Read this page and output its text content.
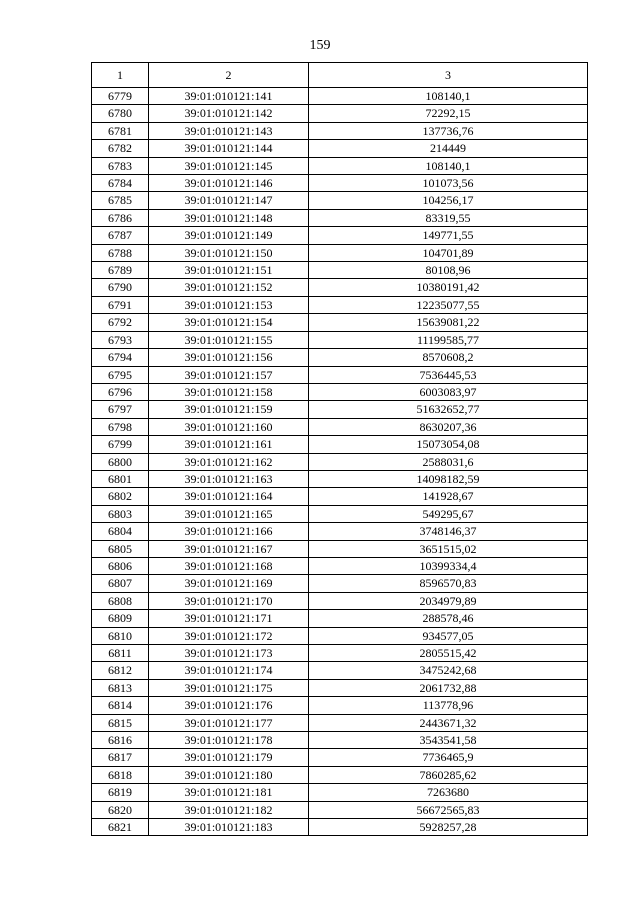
159
1	2	3
6779	39:01:010121:141	108140,1
6780	39:01:010121:142	72292,15
6781	39:01:010121:143	137736,76
6782	39:01:010121:144	214449
6783	39:01:010121:145	108140,1
6784	39:01:010121:146	101073,56
6785	39:01:010121:147	104256,17
6786	39:01:010121:148	83319,55
6787	39:01:010121:149	149771,55
6788	39:01:010121:150	104701,89
6789	39:01:010121:151	80108,96
6790	39:01:010121:152	10380191,42
6791	39:01:010121:153	12235077,55
6792	39:01:010121:154	15639081,22
6793	39:01:010121:155	11199585,77
6794	39:01:010121:156	8570608,2
6795	39:01:010121:157	7536445,53
6796	39:01:010121:158	6003083,97
6797	39:01:010121:159	51632652,77
6798	39:01:010121:160	8630207,36
6799	39:01:010121:161	15073054,08
6800	39:01:010121:162	2588031,6
6801	39:01:010121:163	14098182,59
6802	39:01:010121:164	141928,67
6803	39:01:010121:165	549295,67
6804	39:01:010121:166	3748146,37
6805	39:01:010121:167	3651515,02
6806	39:01:010121:168	10399334,4
6807	39:01:010121:169	8596570,83
6808	39:01:010121:170	2034979,89
6809	39:01:010121:171	288578,46
6810	39:01:010121:172	934577,05
6811	39:01:010121:173	2805515,42
6812	39:01:010121:174	3475242,68
6813	39:01:010121:175	2061732,88
6814	39:01:010121:176	113778,96
6815	39:01:010121:177	2443671,32
6816	39:01:010121:178	3543541,58
6817	39:01:010121:179	7736465,9
6818	39:01:010121:180	7860285,62
6819	39:01:010121:181	7263680
6820	39:01:010121:182	56672565,83
6821	39:01:010121:183	5928257,28
